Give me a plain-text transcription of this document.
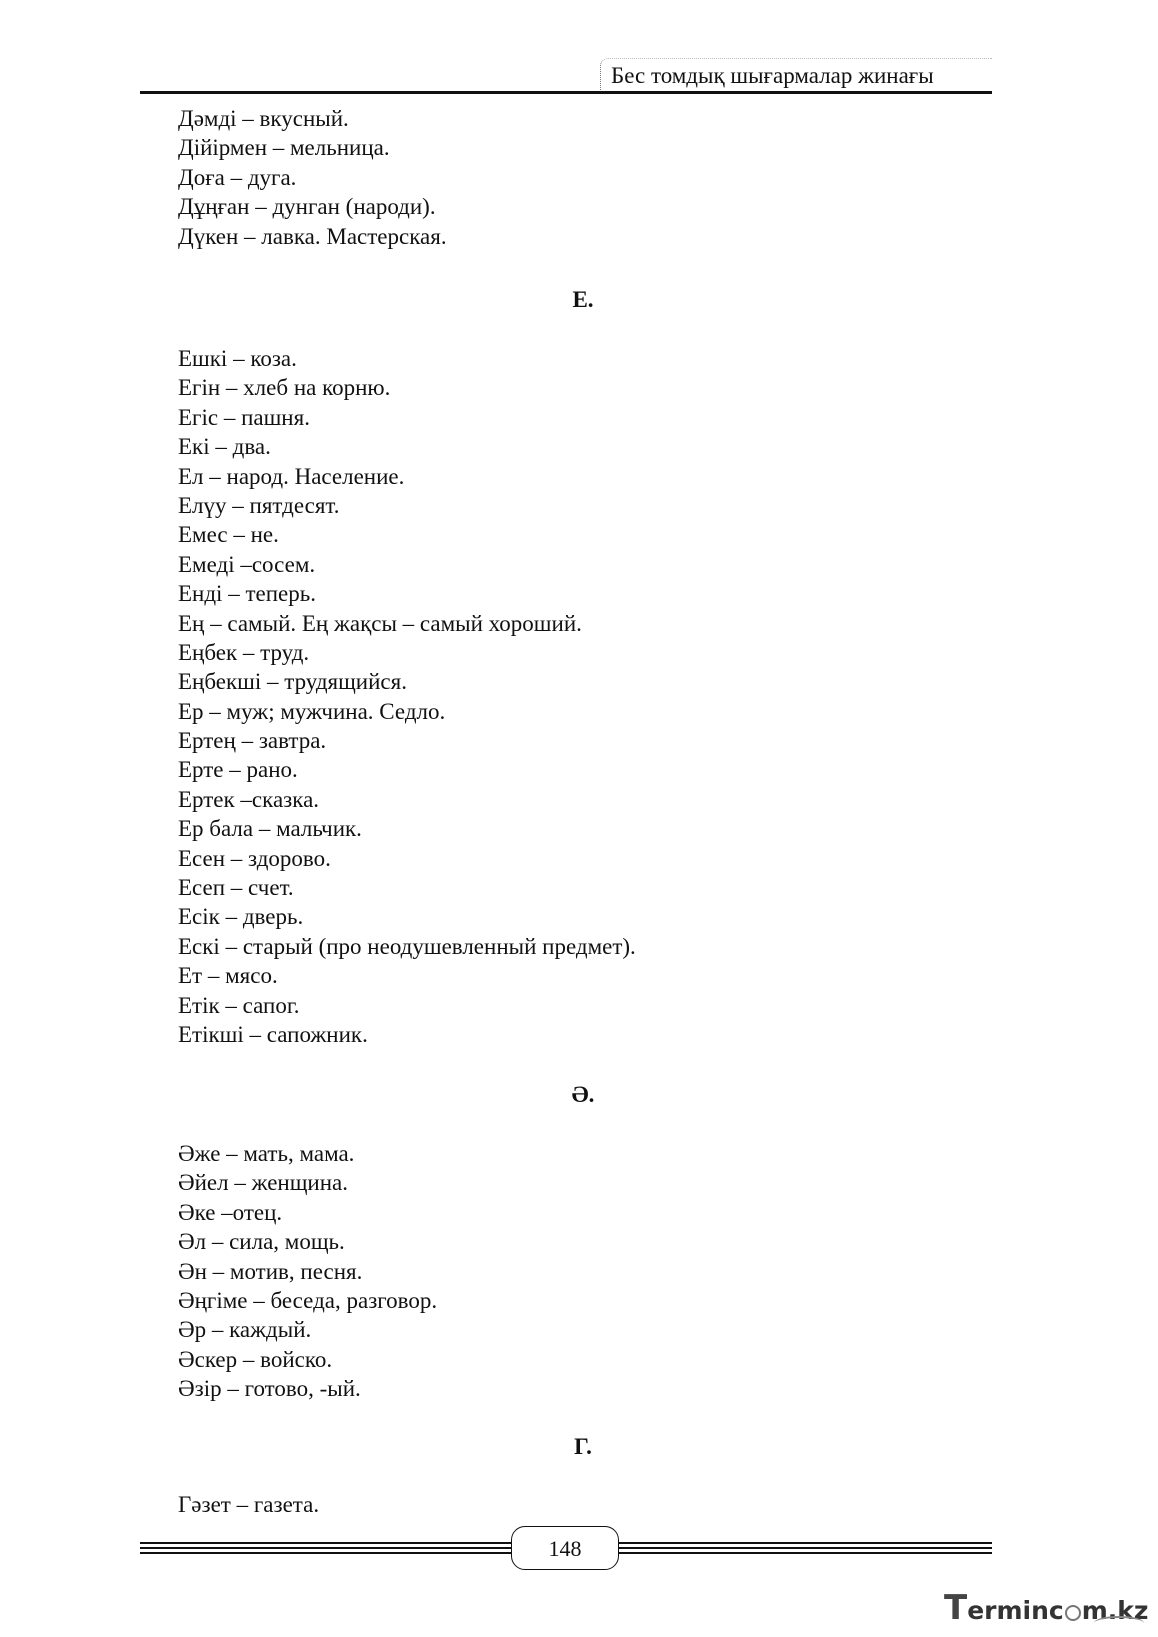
Бес томдық шығармалар жинағы
Дәмді – вкусный.
Дійірмен – мельница.
Доға – дуга.
Дұңған – дунган (народи).
Дүкен – лавка. Мастерская.
Е.
Ешкі – коза.
Егін – хлеб на корню.
Егіс – пашня.
Екі – два.
Ел – народ. Население.
Елүу – пятдесят.
Емес – не.
Емеді –сосем.
Енді – теперь.
Ең – самый. Ең жақсы – самый хороший.
Еңбек – труд.
Еңбекші – трудящийся.
Ер – муж; мужчина. Седло.
Ертең – завтра.
Ерте – рано.
Ертек –сказка.
Ер бала – мальчик.
Есен – здорово.
Есеп – счет.
Есік – дверь.
Ескі – старый (про неодушевленный предмет).
Ет – мясо.
Етік – сапог.
Етікші – сапожник.
Ә.
Әже – мать, мама.
Әйел – женщина.
Әке –отец.
Әл – сила, мощь.
Ән – мотив, песня.
Әңгіме – беседа, разговор.
Әр – каждый.
Әскер – войско.
Әзір – готово, -ый.
Г.
Гәзет – газета.
148
Terminc m.kz
